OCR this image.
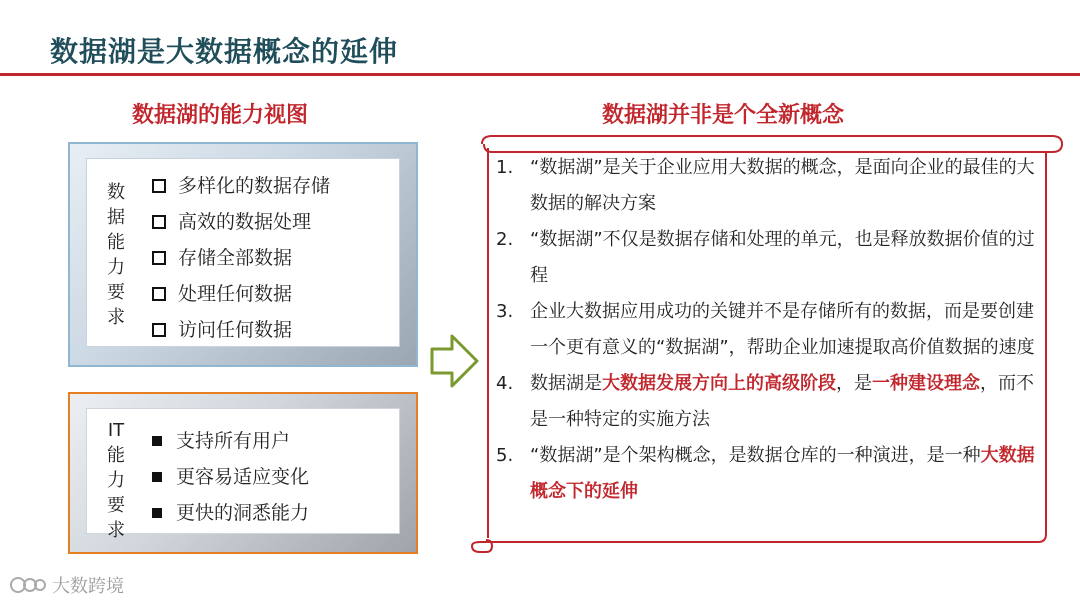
数据湖是大数据概念的延伸
数据湖的能力视图	数据湖并非是个全新概念
数
据
能
力
要
求
多样化的数据存储
高效的数据处理
存储全部数据
处理任何数据
访问任何数据
IT
能
力
要
求
支持所有用户
更容易适应变化
更快的洞悉能力
1. “数据湖”是关于企业应用大数据的概念，是面向企业的最佳的大数据的解决方案
2. “数据湖”不仅是数据存储和处理的单元，也是释放数据价值的过程
3. 企业大数据应用成功的关键并不是存储所有的数据，而是要创建一个更有意义的“数据湖”，帮助企业加速提取高价值数据的速度
4. 数据湖是大数据发展方向上的高级阶段，是一种建设理念，而不是一种特定的实施方法
5. “数据湖”是个架构概念，是数据仓库的一种演进，是一种大数据概念下的延伸
大数跨境
